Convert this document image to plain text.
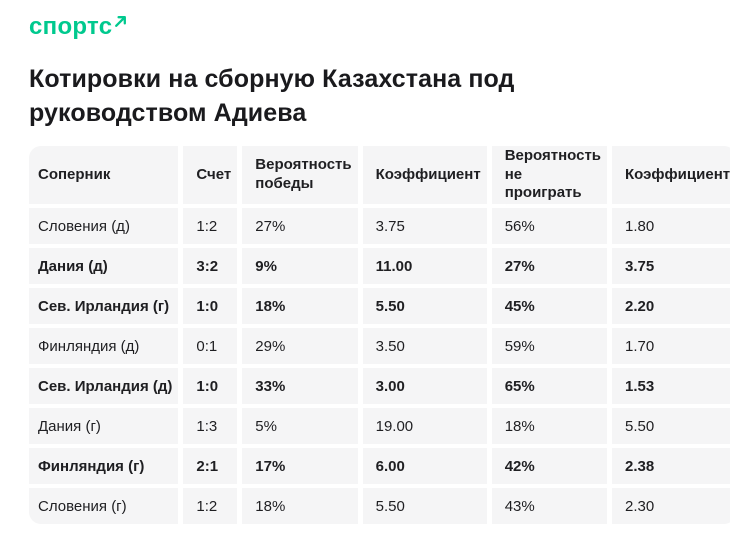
спортс
Котировки на сборную Казахстана под руководством Адиева
Соперник	Счет	Вероятность победы	Коэффициент	Вероятность не проиграть	Коэффициент
Словения (д)	1:2	27%	3.75	56%	1.80
Дания (д)	3:2	9%	11.00	27%	3.75
Сев. Ирландия (г)	1:0	18%	5.50	45%	2.20
Финляндия (д)	0:1	29%	3.50	59%	1.70
Сев. Ирландия (д)	1:0	33%	3.00	65%	1.53
Дания (г)	1:3	5%	19.00	18%	5.50
Финляндия (г)	2:1	17%	6.00	42%	2.38
Словения (г)	1:2	18%	5.50	43%	2.30
